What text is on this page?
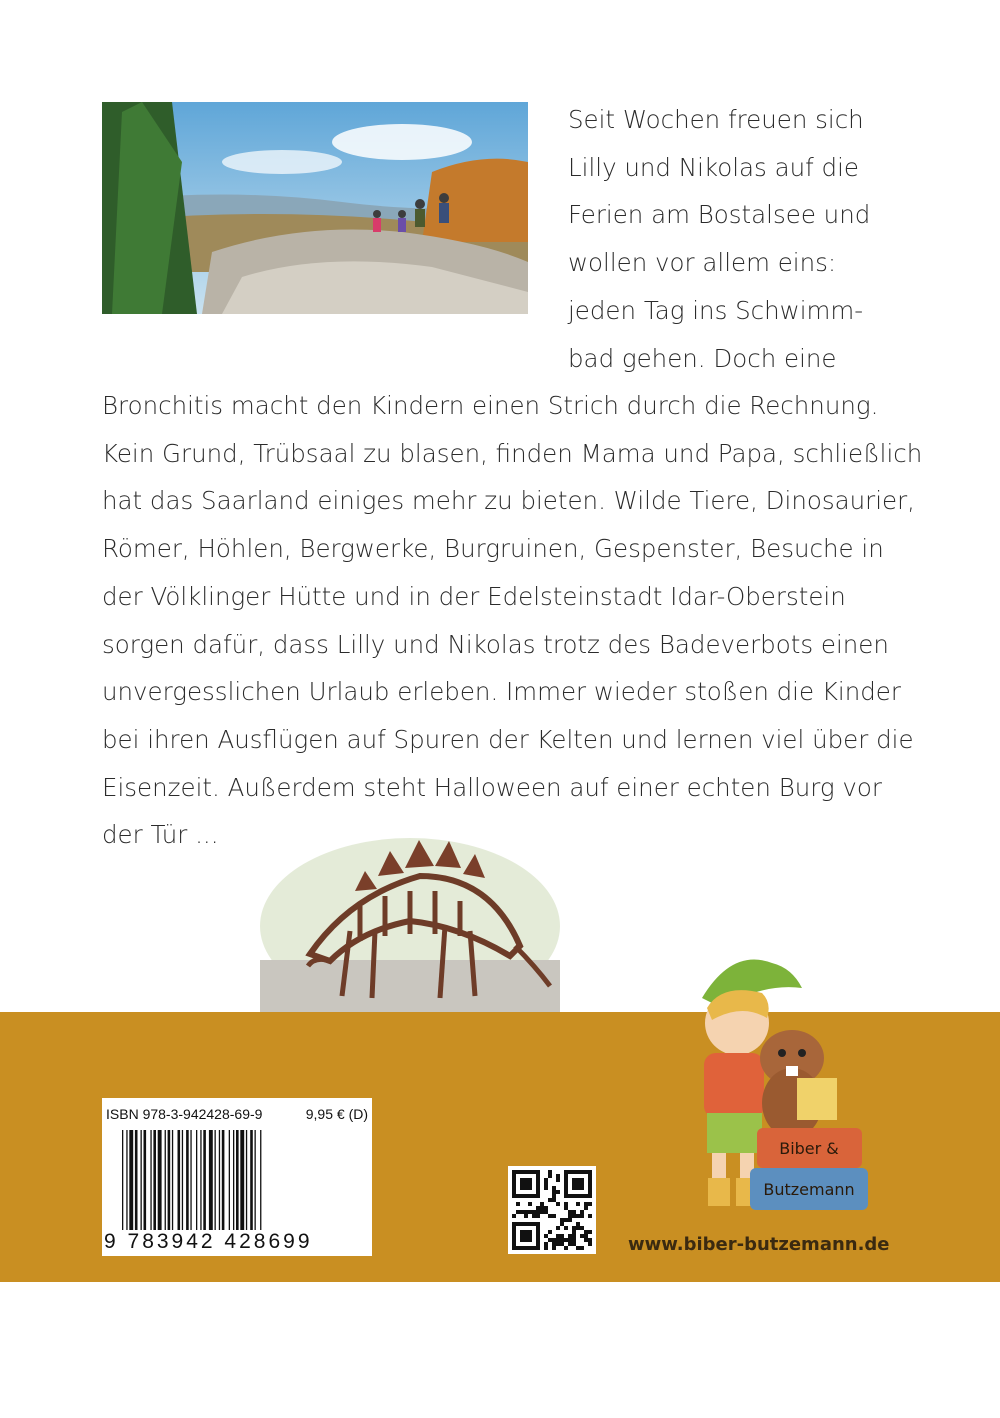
Seit Wochen freuen sich
Lilly und Nikolas auf die
Ferien am Bostalsee und
wollen vor allem eins:
jeden Tag ins Schwimm-
bad gehen. Doch eine
Bronchitis macht den Kindern einen Strich durch die Rechnung.
Kein Grund, Trübsaal zu blasen, finden Mama und Papa, schließlich
hat das Saarland einiges mehr zu bieten. Wilde Tiere, Dinosaurier,
Römer, Höhlen, Bergwerke, Burgruinen, Gespenster, Besuche in
der Völklinger Hütte und in der Edelsteinstadt Idar-Oberstein
sorgen dafür, dass Lilly und Nikolas trotz des Badeverbots einen
unvergesslichen Urlaub erleben. Immer wieder stoßen die Kinder
bei ihren Ausflügen auf Spuren der Kelten und lernen viel über die
Eisenzeit. Außerdem steht Halloween auf einer echten Burg vor
der Tür ...
ISBN 978-3-942428-69-9	9,95 € (D)
9 783942 428699
Biber &
Butzemann
www.biber-butzemann.de
